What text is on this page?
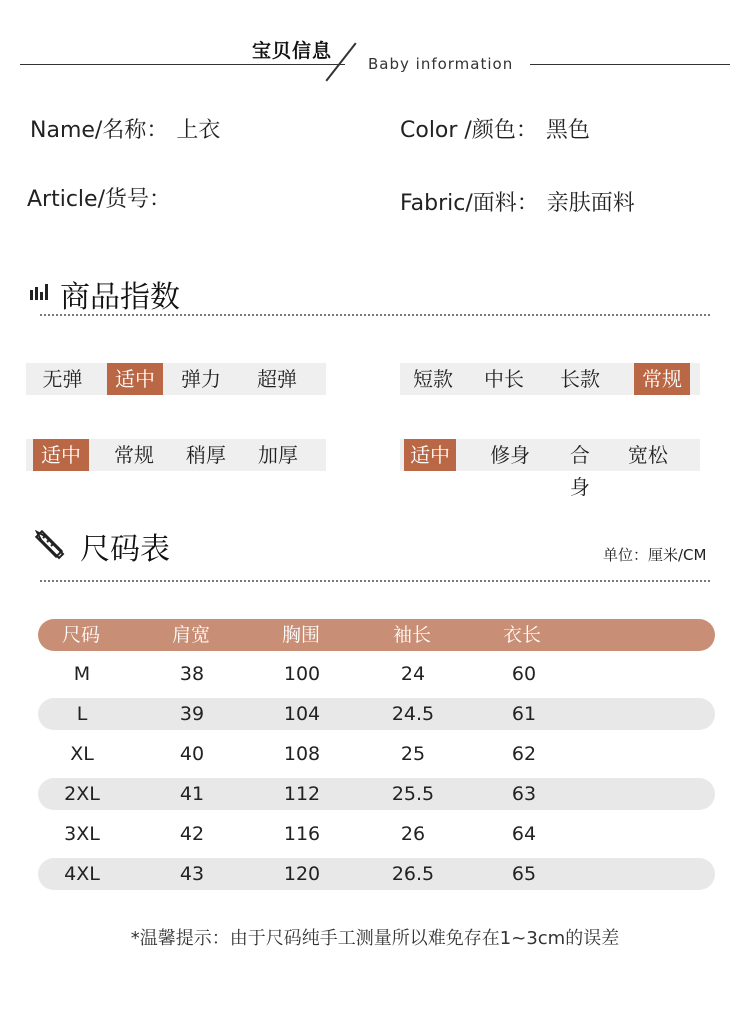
宝贝信息
Baby information
Name/名称： 上衣	Color /颜色： 黑色
Article/货号：	Fabric/面料： 亲肤面料
商品指数
无弹	适中	弹力	超弹	短款	中长	长款	常规
适中	常规	稍厚	加厚	适中	修身	合身
宽松
尺码表	单位：厘米/CM
尺码	肩宽	胸围	袖长	衣长
M	38	100	24	60
L	39	104	24.5	61
XL	40	108	25	62
2XL	41	112	25.5	63
3XL	42	116	26	64
4XL	43	120	26.5	65
*温馨提示：由于尺码纯手工测量所以难免存在1~3cm的误差
